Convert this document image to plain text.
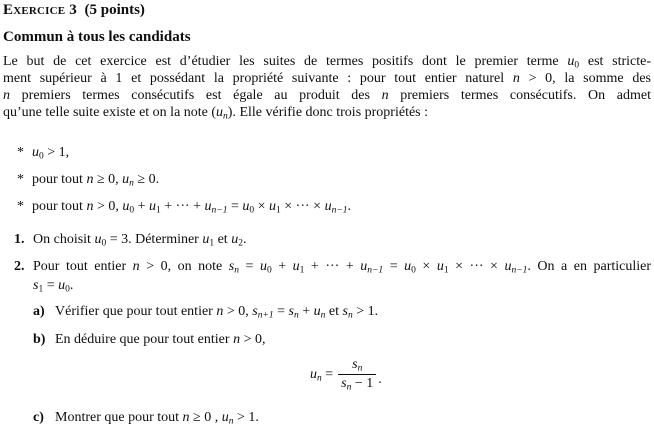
Exercice 3  (5 points)
Commun à tous les candidats
Le but de cet exercice est d’étudier les suites de termes positifs dont le premier terme $u_0$ est stricte-
ment supérieur à 1 et possédant la propriété suivante : pour tout entier naturel n > 0, la somme des
n premiers termes consécutifs est égale au produit des n premiers termes consécutifs. On admet
qu’une telle suite existe et on la note $(u_n)$. Elle vérifie donc trois propriétés :
* $u_0 > 1$,
* pour tout n ≥ 0, $u_n \ge 0$.
* pour tout n > 0, $u_0 + u_1$ + ··· + $u_{n-1} = u_0 \times u_1$ × ··· × $u_{n-1}$.
1. On choisit $u_0 = 3$. Déterminer $u_1$ et $u_2$.
2. Pour tout entier n > 0, on note $s_n = u_0 + u_1$ + ··· + $u_{n-1} = u_0 \times u_1$ × ··· × $u_{n-1}$. On a en particulier
$s_1 = u_0$.
a) Vérifier que pour tout entier n > 0, $s_{n+1} = s_n + u_n$ et $s_n > 1$.
b) En déduire que pour tout entier n > 0,
$u_n = \frac{s_n}{s_n - 1}$ .
c) Montrer que pour tout n ≥ 0 , $u_n > 1$.
